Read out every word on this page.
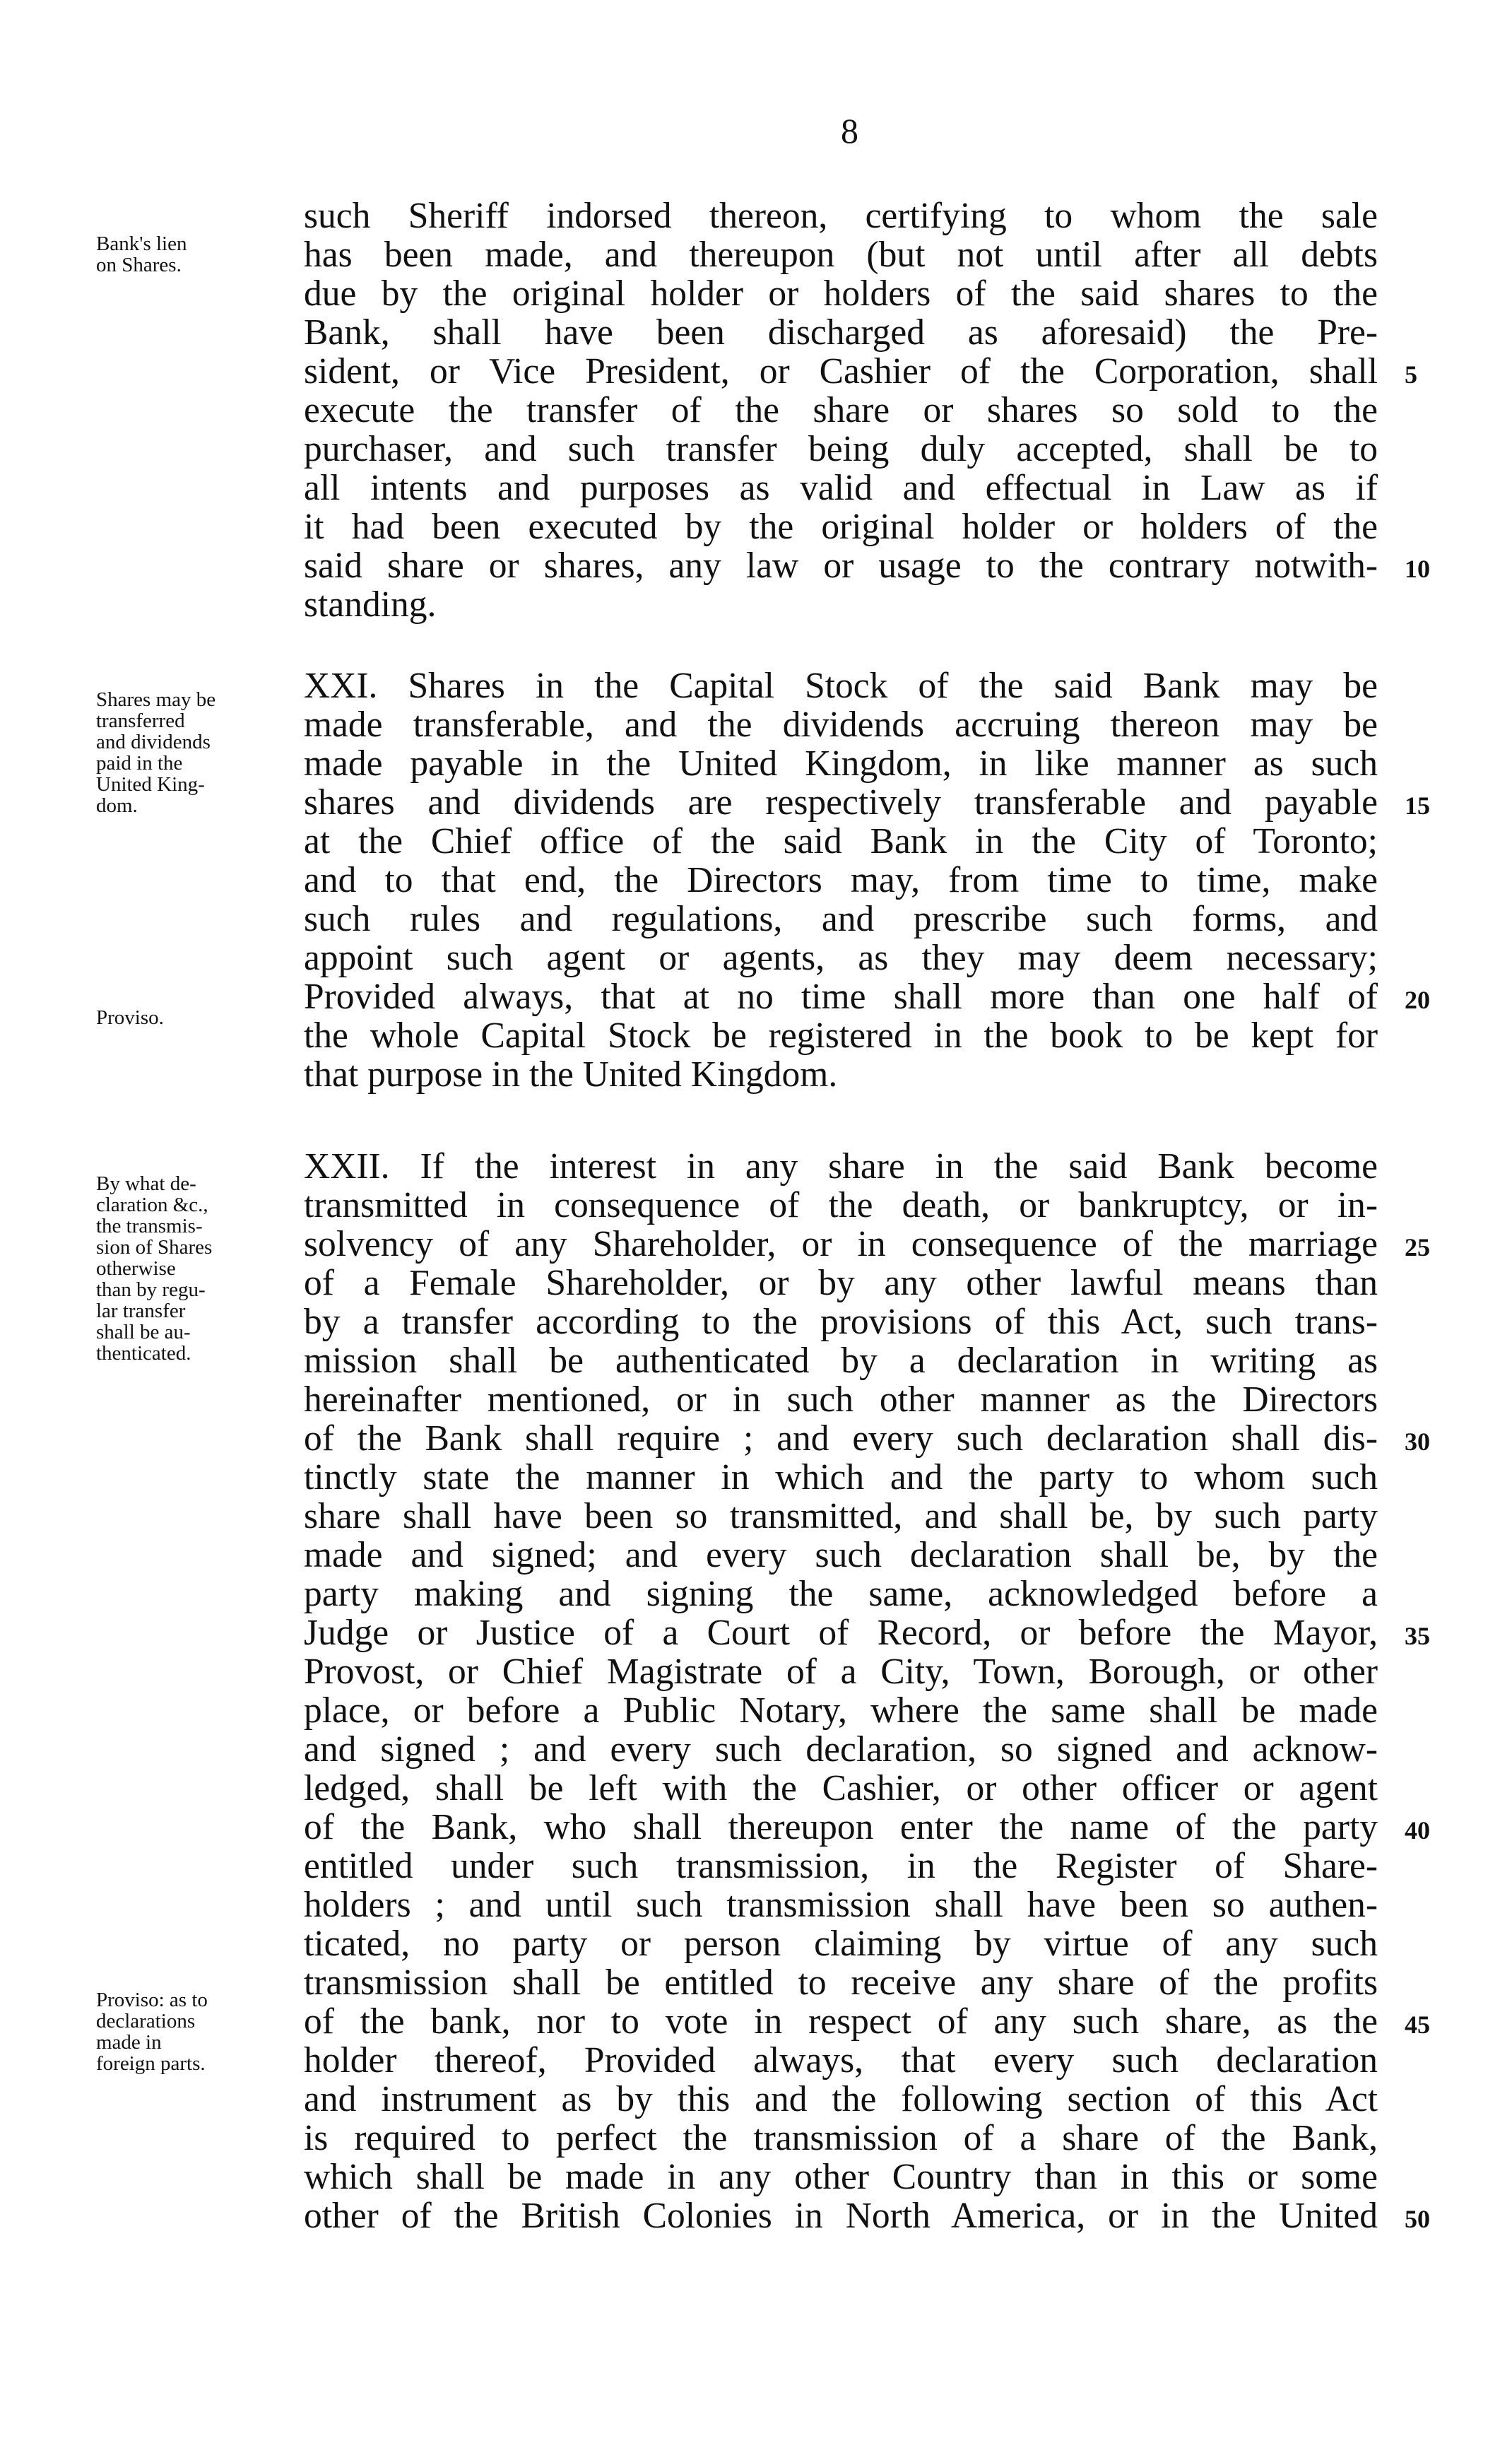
8
such Sheriff indorsed thereon, certifying to whom the sale
has been made, and thereupon (but not until after all debts
due by the original holder or holders of the said shares to the
Bank, shall have been discharged as aforesaid) the Pre-
sident, or Vice President, or Cashier of the Corporation, shall
execute the transfer of the share or shares so sold to the
purchaser, and such transfer being duly accepted, shall be to
all intents and purposes as valid and effectual in Law as if
it had been executed by the original holder or holders of the
said share or shares, any law or usage to the contrary notwith-
standing.
XXI. Shares in the Capital Stock of the said Bank may be
made transferable, and the dividends accruing thereon may be
made payable in the United Kingdom, in like manner as such
shares and dividends are respectively transferable and payable
at the Chief office of the said Bank in the City of Toronto;
and to that end, the Directors may, from time to time, make
such rules and regulations, and prescribe such forms, and
appoint such agent or agents, as they may deem necessary;
Provided always, that at no time shall more than one half of
the whole Capital Stock be registered in the book to be kept for
that purpose in the United Kingdom.
XXII. If the interest in any share in the said Bank become
transmitted in consequence of the death, or bankruptcy, or in-
solvency of any Shareholder, or in consequence of the marriage
of a Female Shareholder, or by any other lawful means than
by a transfer according to the provisions of this Act, such trans-
mission shall be authenticated by a declaration in writing as
hereinafter mentioned, or in such other manner as the Directors
of the Bank shall require ; and every such declaration shall dis-
tinctly state the manner in which and the party to whom such
share shall have been so transmitted, and shall be, by such party
made and signed; and every such declaration shall be, by the
party making and signing the same, acknowledged before a
Judge or Justice of a Court of Record, or before the Mayor,
Provost, or Chief Magistrate of a City, Town, Borough, or other
place, or before a Public Notary, where the same shall be made
and signed ; and every such declaration, so signed and acknow-
ledged, shall be left with the Cashier, or other officer or agent
of the Bank, who shall thereupon enter the name of the party
entitled under such transmission, in the Register of Share-
holders ; and until such transmission shall have been so authen-
ticated, no party or person claiming by virtue of any such
transmission shall be entitled to receive any share of the profits
of the bank, nor to vote in respect of any such share, as the
holder thereof, Provided always, that every such declaration
and instrument as by this and the following section of this Act
is required to perfect the transmission of a share of the Bank,
which shall be made in any other Country than in this or some
other of the British Colonies in North America, or in the United
Bank's lien
on Shares.
Shares may be
transferred
and dividends
paid in the
United King-
dom.
Proviso.
By what de-
claration &c.,
the transmis-
sion of Shares
otherwise
than by regu-
lar transfer
shall be au-
thenticated.
Proviso: as to
declarations
made in
foreign parts.
5
10
15
20
25
30
35
40
45
50
